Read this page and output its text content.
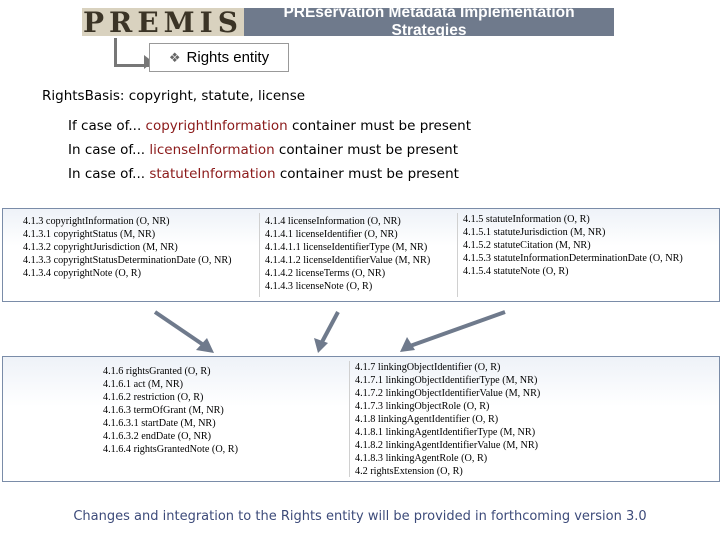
PREMIS	PREservation Metadata Implementation Strategies
❖ Rights entity
RightsBasis: copyright, statute, license
If case of... copyrightInformation container must be present
In case of... licenseInformation container must be present
In case of... statuteInformation container must be present
4.1.3 copyrightInformation (O, NR)
4.1.3.1 copyrightStatus (M, NR)
4.1.3.2 copyrightJurisdiction (M, NR)
4.1.3.3 copyrightStatusDeterminationDate (O, NR)
4.1.3.4 copyrightNote (O, R)
4.1.4 licenseInformation (O, NR)
4.1.4.1 licenseIdentifier (O, NR)
4.1.4.1.1 licenseIdentifierType (M, NR)
4.1.4.1.2 licenseIdentifierValue (M, NR)
4.1.4.2 licenseTerms (O, NR)
4.1.4.3 licenseNote (O, R)
4.1.5 statuteInformation (O, R)
4.1.5.1 statuteJurisdiction (M, NR)
4.1.5.2 statuteCitation (M, NR)
4.1.5.3 statuteInformationDeterminationDate (O, NR)
4.1.5.4 statuteNote (O, R)
4.1.6 rightsGranted (O, R)
4.1.6.1 act (M, NR)
4.1.6.2 restriction (O, R)
4.1.6.3 termOfGrant (M, NR)
4.1.6.3.1 startDate (M, NR)
4.1.6.3.2 endDate (O, NR)
4.1.6.4 rightsGrantedNote (O, R)
4.1.7 linkingObjectIdentifier (O, R)
4.1.7.1 linkingObjectIdentifierType (M, NR)
4.1.7.2 linkingObjectIdentifierValue (M, NR)
4.1.7.3 linkingObjectRole (O, R)
4.1.8 linkingAgentIdentifier (O, R)
4.1.8.1 linkingAgentIdentifierType (M, NR)
4.1.8.2 linkingAgentIdentifierValue (M, NR)
4.1.8.3 linkingAgentRole (O, R)
4.2 rightsExtension (O, R)
Changes and integration to the Rights entity will be provided in forthcoming version 3.0
